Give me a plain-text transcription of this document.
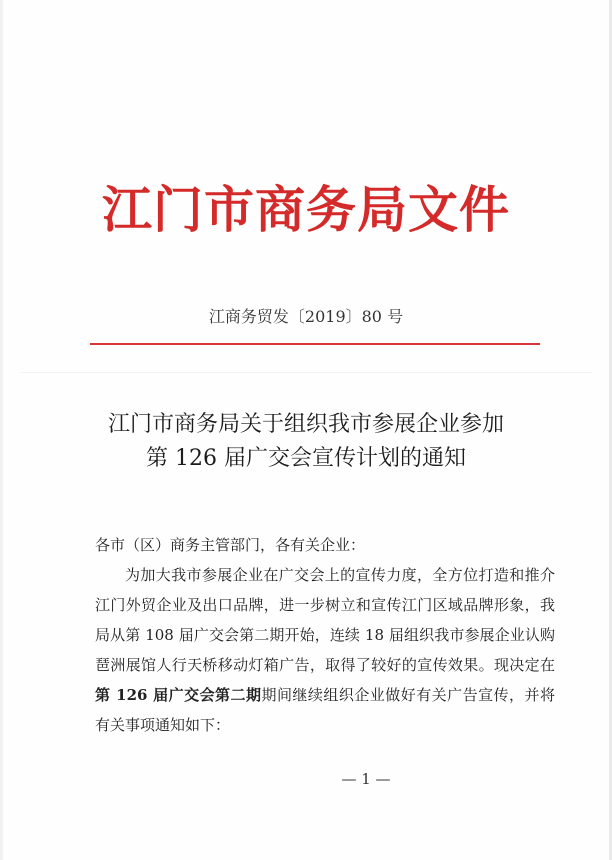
江门市商务局文件
江商务贸发〔2019〕80 号
江门市商务局关于组织我市参展企业参加
第 126 届广交会宣传计划的通知

各市（区）商务主管部门，各有关企业：

为加大我市参展企业在广交会上的宣传力度，全方位打造和推介江门外贸企业及出口品牌，进一步树立和宣传江门区域品牌形象，我局从第 108 届广交会第二期开始，连续 18 届组织我市参展企业认购琶洲展馆人行天桥移动灯箱广告，取得了较好的宣传效果。现决定在第 126 届广交会第二期期间继续组织企业做好有关广告宣传，并将有关事项通知如下：

— 1 —
